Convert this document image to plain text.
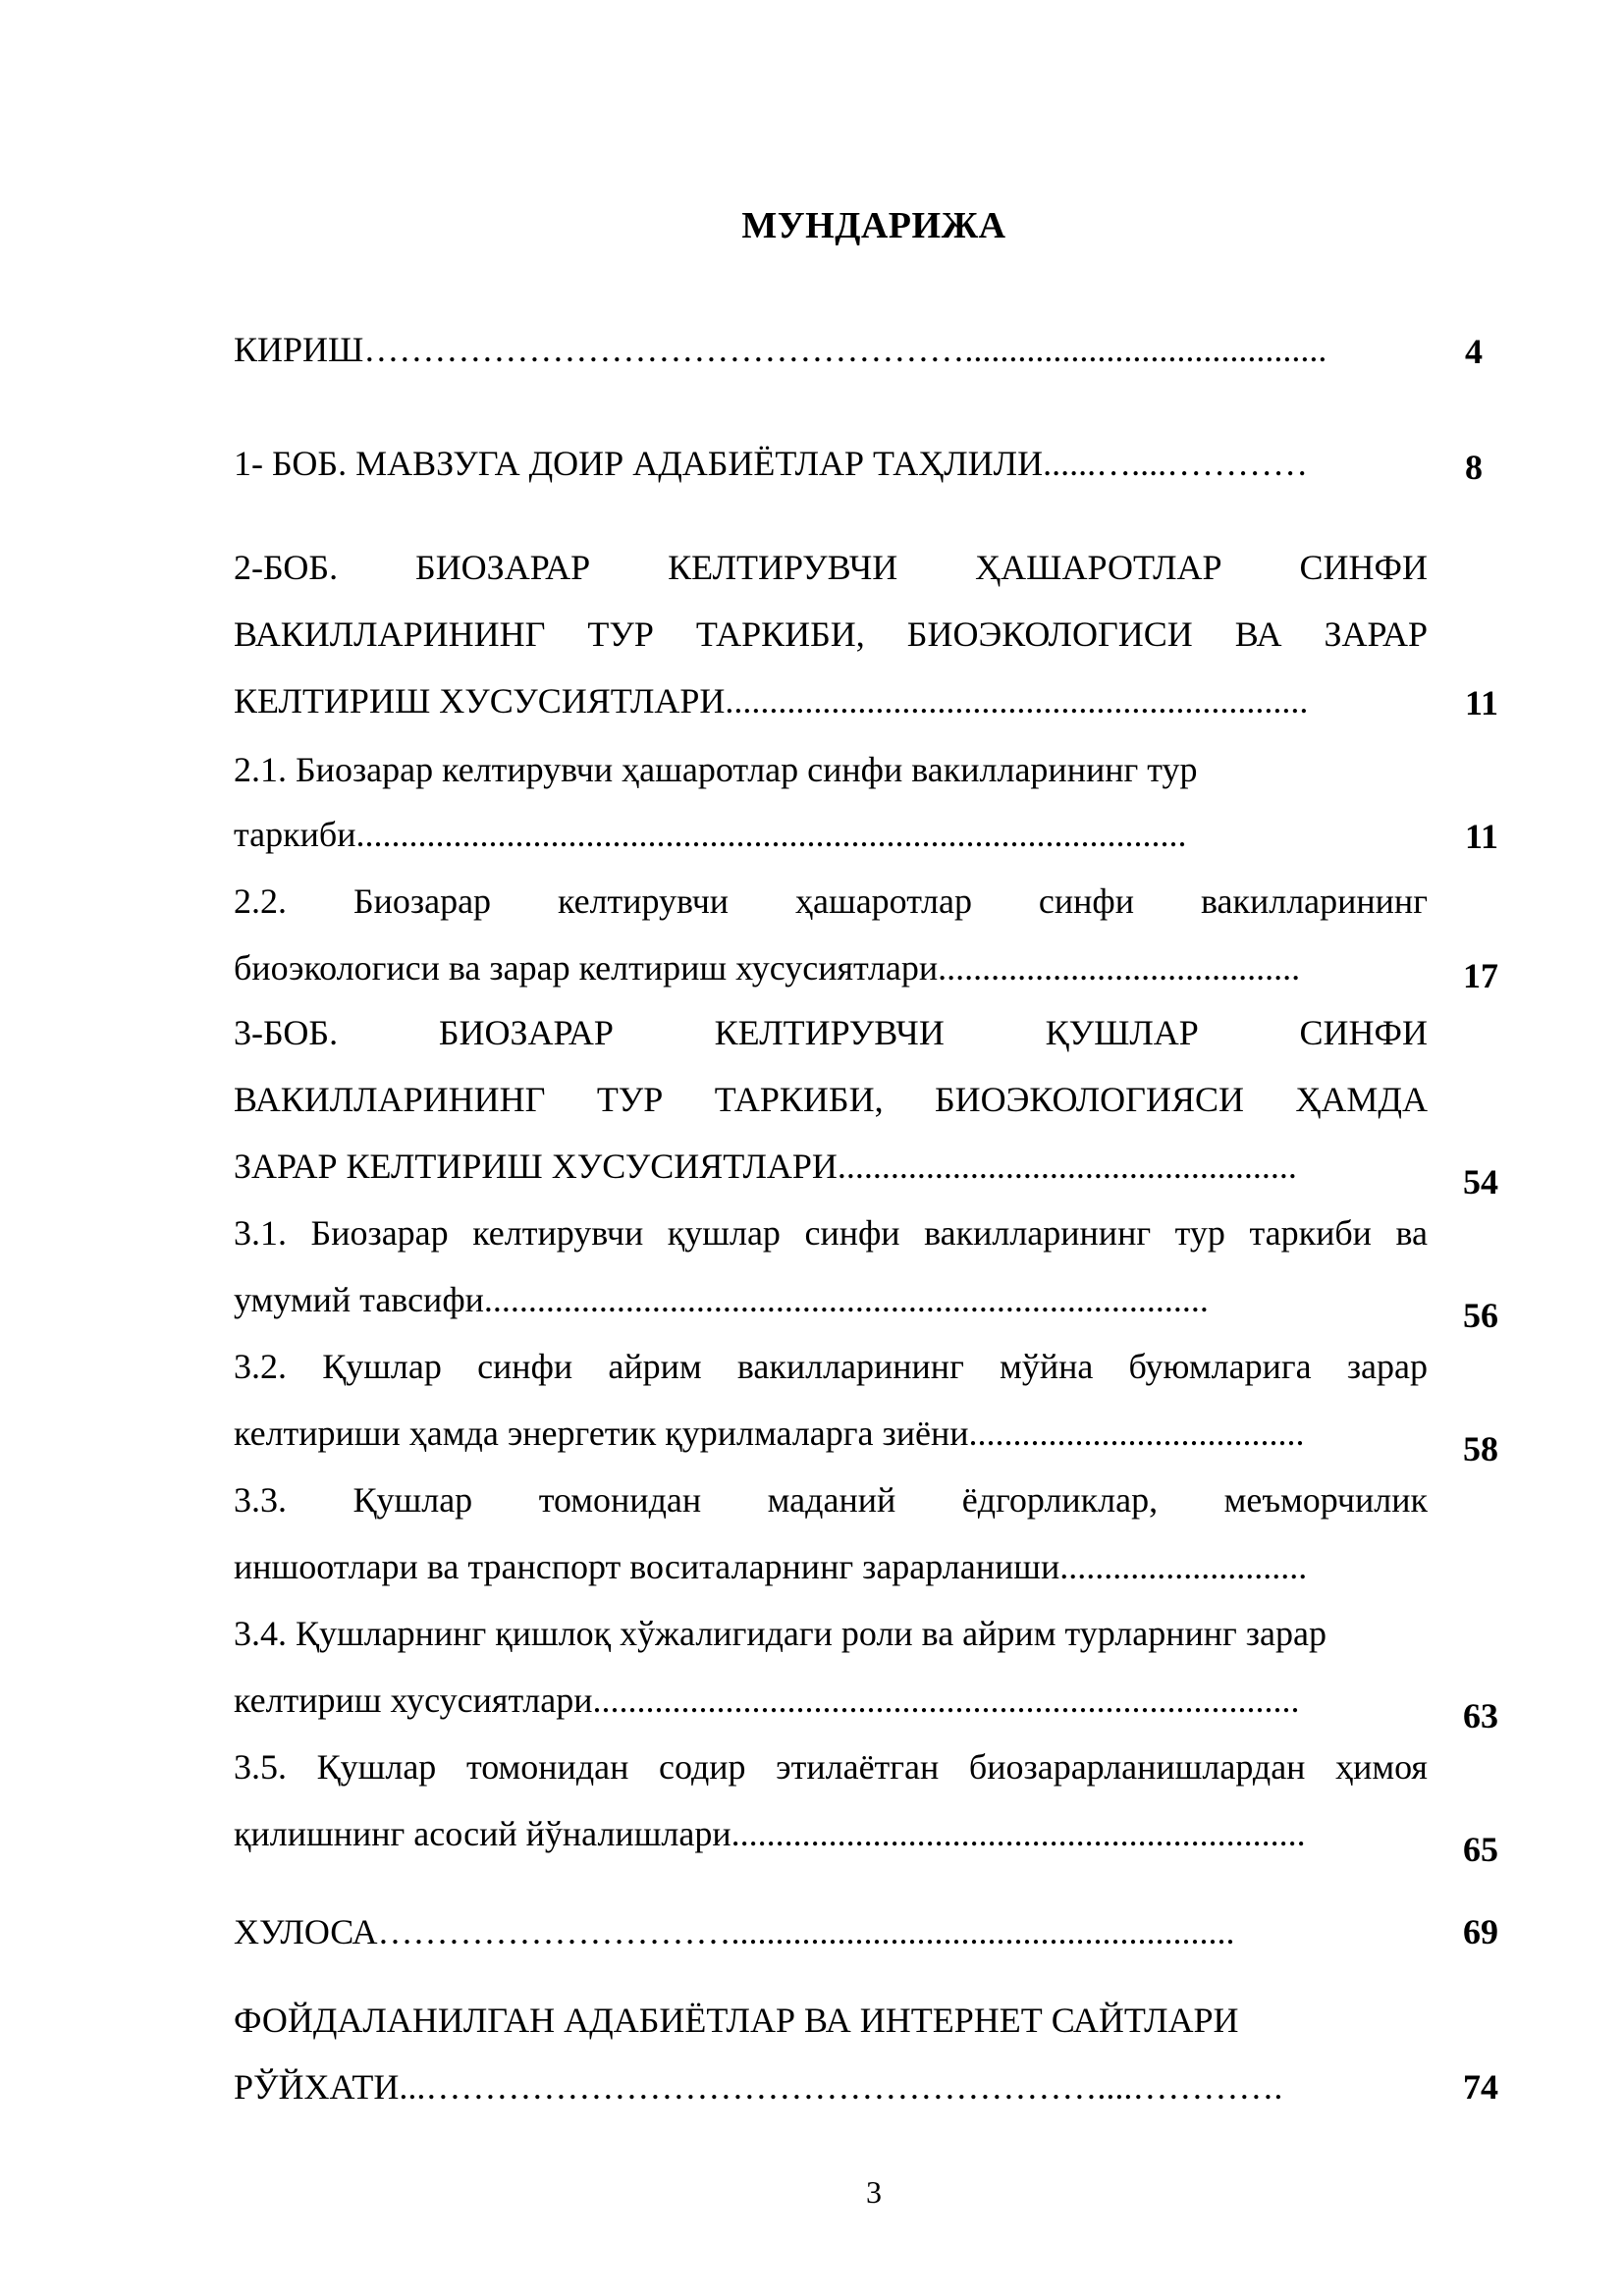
МУНДАРИЖА
КИРИШ…………………………………………….........................................	4
1- БОБ. МАВЗУГА ДОИР АДАБИЁТЛАР ТАҲЛИЛИ......…....…………	8
2-БОБ. БИОЗАРАР КЕЛТИРУВЧИ ҲАШАРОТЛАР СИНФИ
ВАКИЛЛАРИНИНГ ТУР ТАРКИБИ, БИОЭКОЛОГИСИ ВА ЗАРАР
КЕЛТИРИШ ХУСУСИЯТЛАРИ..................................................................	11
2.1. Биозарар келтирувчи ҳашаротлар синфи вакилларининг тур
таркиби..............................................................................................	11
2.2. Биозарар келтирувчи ҳашаротлар синфи вакилларининг
биоэкологиси ва зарар келтириш хусусиятлари.........................................	17
3-БОБ.	БИОЗАРАР	КЕЛТИРУВЧИ	ҚУШЛАР	СИНФИ
ВАКИЛЛАРИНИНГ ТУР ТАРКИБИ, БИОЭКОЛОГИЯСИ ҲАМДА
ЗАРАР КЕЛТИРИШ ХУСУСИЯТЛАРИ....................................................	54
3.1. Биозарар келтирувчи қушлар синфи вакилларининг тур таркиби ва
умумий тавсифи..................................................................................	56
3.2. Қушлар синфи айрим вакилларининг мўйна буюмларига зарар
келтириши ҳамда энергетик қурилмаларга зиёни......................................	58
3.3. Қушлар томонидан маданий ёдгорликлар, меъморчилик
иншоотлари ва транспорт воситаларнинг зарарланиши............................
3.4. Қушларнинг қишлоқ хўжалигидаги роли ва айрим турларнинг зарар
келтириш хусусиятлари................................................................................	63
3.5. Қушлар томонидан содир этилаётган биозарарланишлардан ҳимоя
қилишнинг асосий йўналишлари.................................................................	65
ХУЛОСА………………………….........................................................	69
ФОЙДАЛАНИЛГАН АДАБИЁТЛАР ВА ИНТЕРНЕТ САЙТЛАРИ
РЎЙХАТИ...…………………………………………………....………….	74
3
